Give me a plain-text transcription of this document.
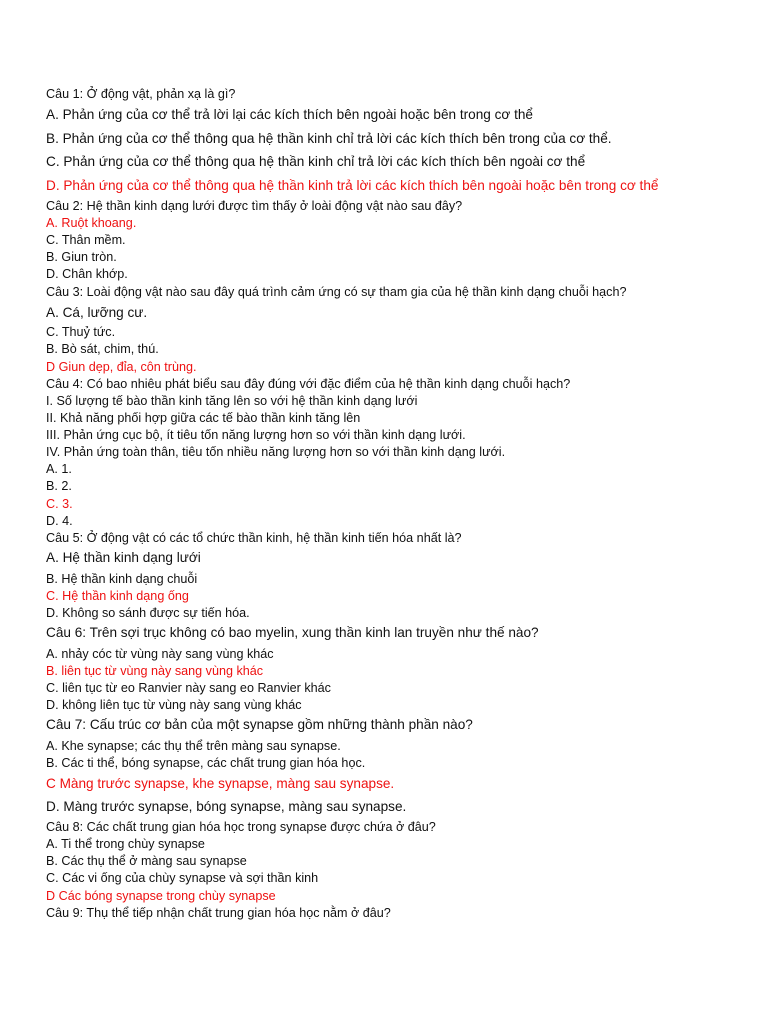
Câu 1: Ở động vật, phản xạ là gì?
A. Phản ứng của cơ thể trả lời lại các kích thích bên ngoài hoặc bên trong cơ thể
B. Phản ứng của cơ thể thông qua hệ thần kinh chỉ trả lời các kích thích bên trong của cơ thể.
C. Phản ứng của cơ thể thông qua hệ thần kinh chỉ trả lời các kích thích bên ngoài cơ thể
D. Phản ứng của cơ thể thông qua hệ thần kinh trả lời các kích thích bên ngoài hoặc bên trong cơ thể
Câu 2: Hệ thần kinh dạng lưới được tìm thấy ở loài động vật nào sau đây?
A. Ruột khoang.
C. Thân mềm.
B. Giun tròn.
D. Chân khớp.
Câu 3: Loài động vật nào sau đây quá trình cảm ứng có sự tham gia của hệ thần kinh dạng chuỗi hạch?
A. Cá, lưỡng cư.
C. Thuỷ tức.
B. Bò sát, chim, thú.
D Giun dẹp, đỉa, côn trùng.
Câu 4: Có bao nhiêu phát biểu sau đây đúng với đặc điểm của hệ thần kinh dạng chuỗi hạch?
I. Số lượng tế bào thần kinh tăng lên so với hệ thần kinh dạng lưới
II. Khả năng phối hợp giữa các tế bào thần kinh tăng lên
III. Phản ứng cục bộ, ít tiêu tốn năng lượng hơn so với thần kinh dạng lưới.
IV. Phản ứng toàn thân, tiêu tốn nhiều năng lượng hơn so với thần kinh dạng lưới.
A. 1.
B. 2.
C. 3.
D. 4.
Câu 5: Ở động vật có các tổ chức thần kinh, hệ thần kinh tiến hóa nhất là?
A. Hệ thần kinh dạng lưới
B. Hệ thần kinh dạng chuỗi
C. Hệ thần kinh dạng ống
D. Không so sánh được sự tiến hóa.
Câu 6: Trên sợi trục không có bao myelin, xung thần kinh lan truyền như thế nào?
A. nhảy cóc từ vùng này sang vùng khác
B. liên tục từ vùng này sang vùng khác
C. liên tục từ eo Ranvier này sang eo Ranvier khác
D. không liên tục từ vùng này sang vùng khác
Câu 7: Cấu trúc cơ bản của một synapse gồm những thành phần nào?
A. Khe synapse; các thụ thể trên màng sau synapse.
B. Các ti thể, bóng synapse, các chất trung gian hóa học.
C Màng trước synapse, khe synapse, màng sau synapse.
D. Màng trước synapse, bóng synapse, màng sau synapse.
Câu 8: Các chất trung gian hóa học trong synapse được chứa ở đâu?
A. Ti thể trong chùy synapse
B. Các thụ thể ở màng sau synapse
C. Các vi ống của chùy synapse và sợi thần kinh
D Các bóng synapse trong chùy synapse
Câu 9: Thụ thể tiếp nhận chất trung gian hóa học nằm ở đâu?
